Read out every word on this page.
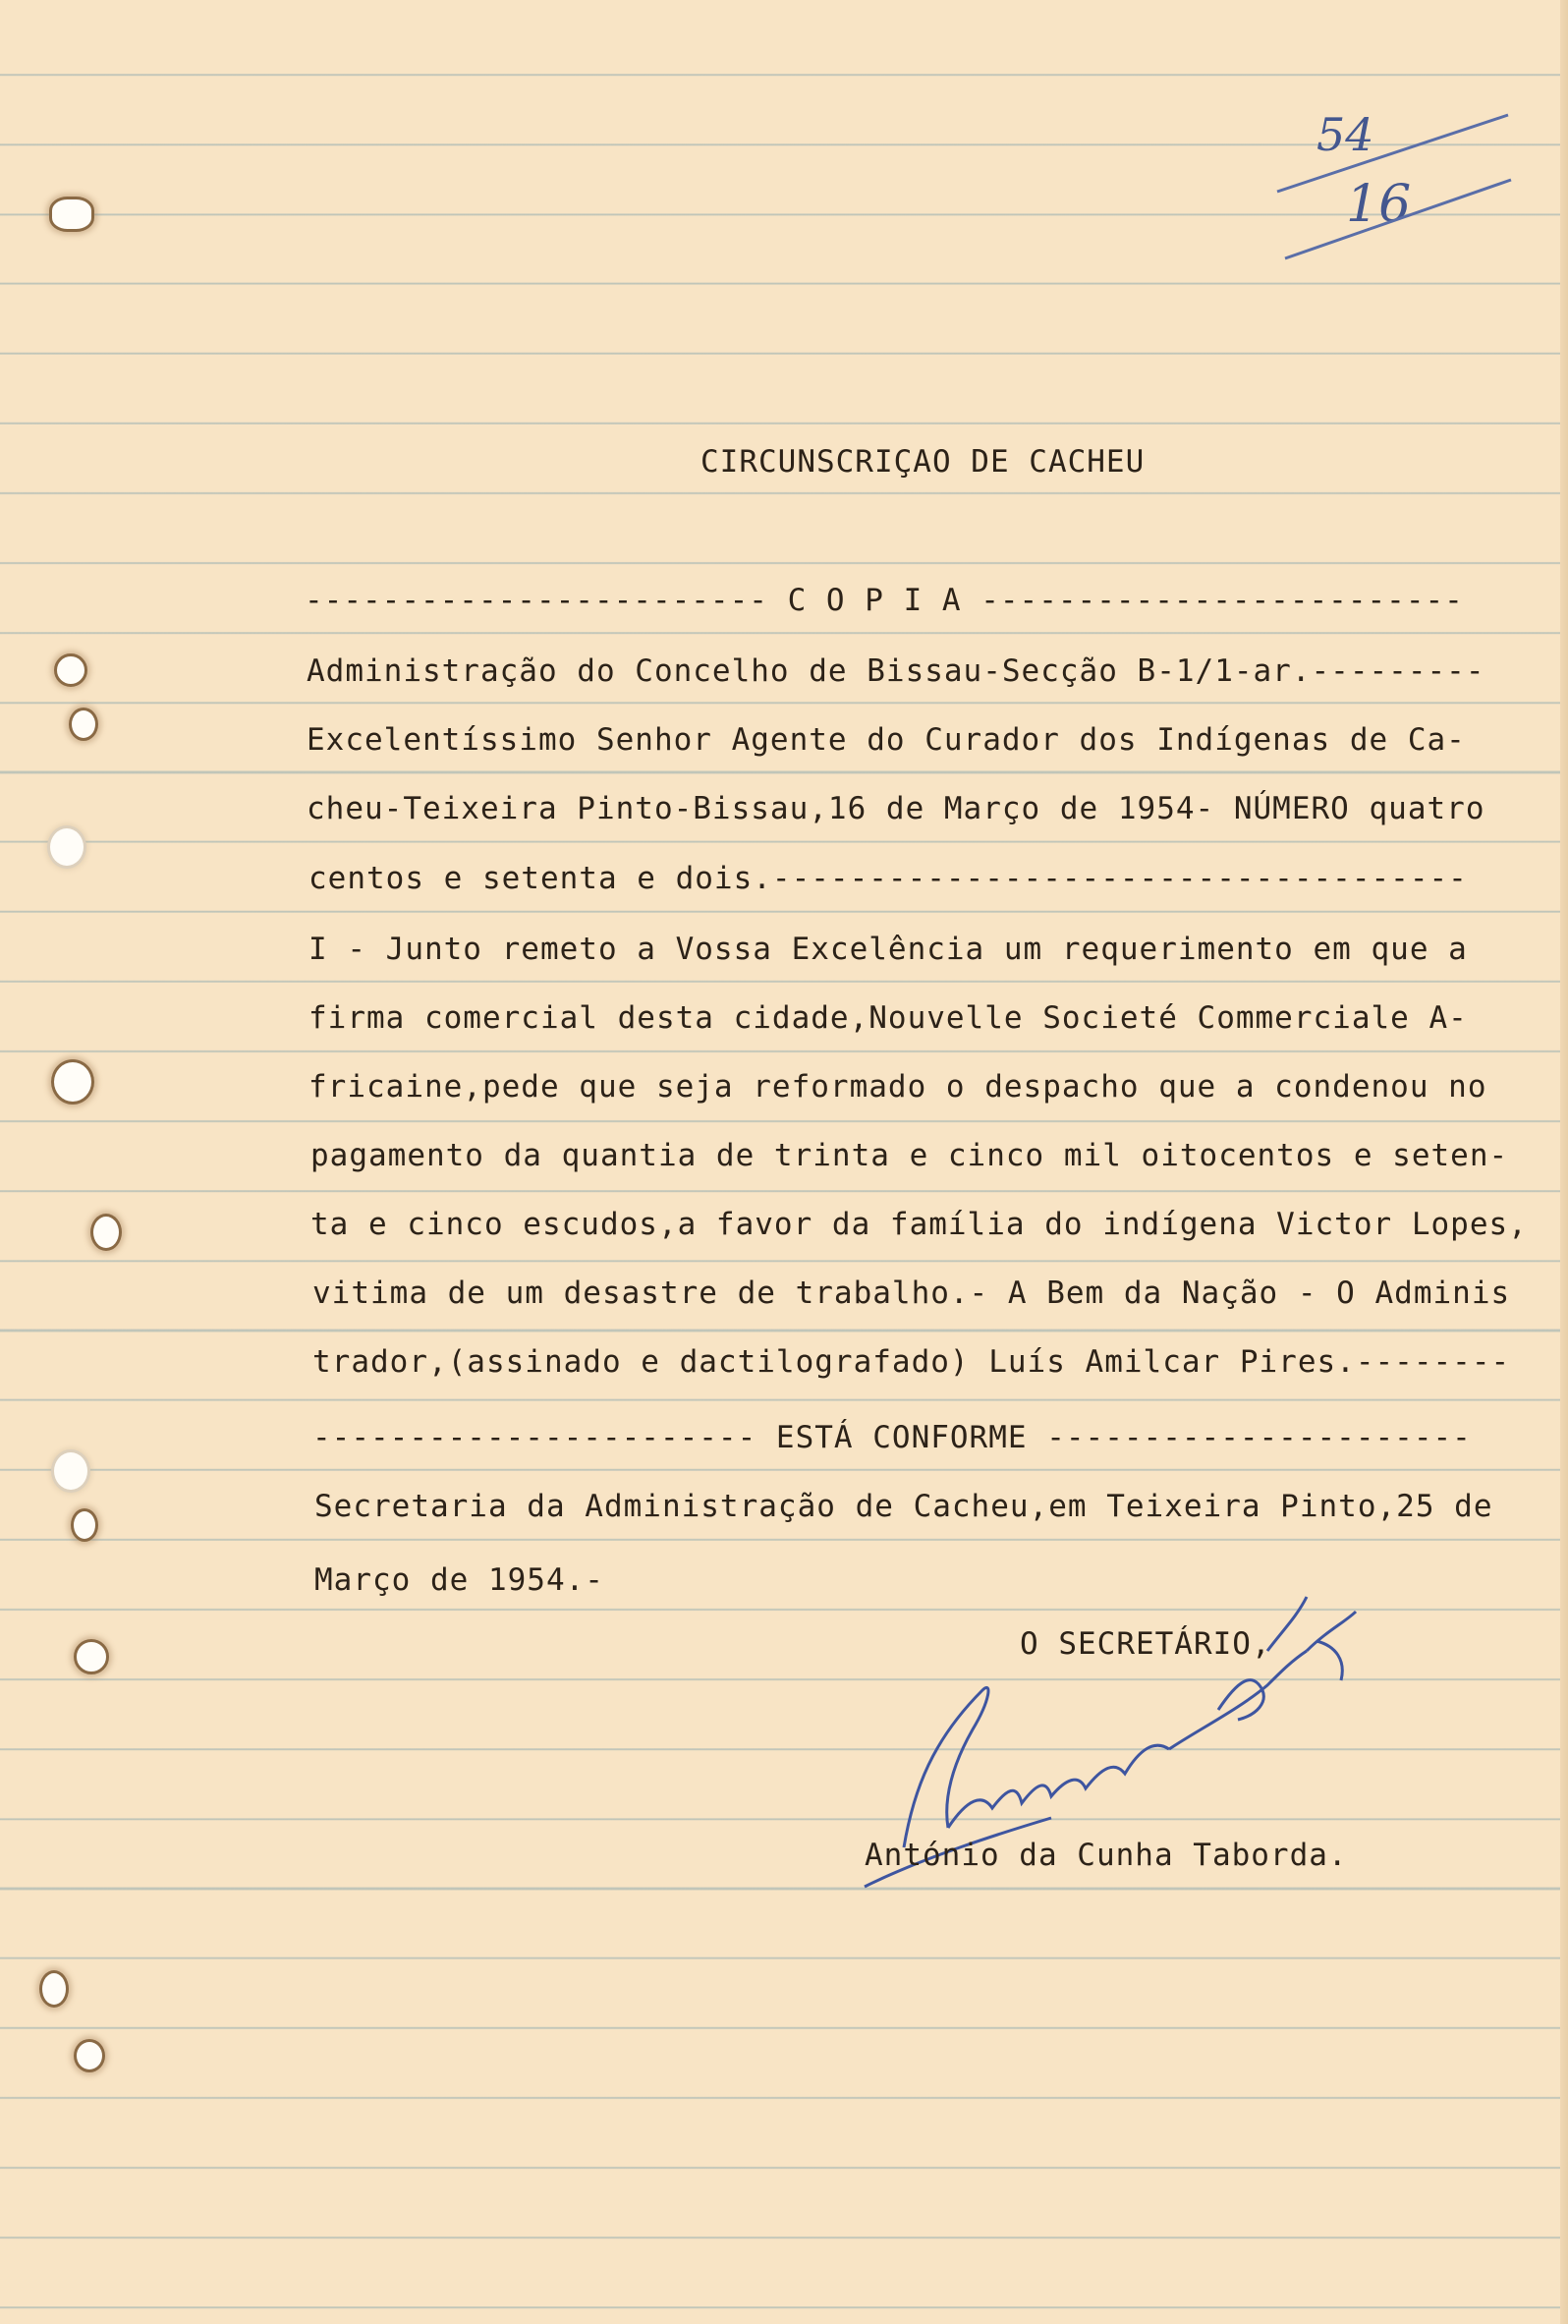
54
16
CIRCUNSCRIÇAO DE CACHEU
------------------------ C O P I A -------------------------
Administração do Concelho de Bissau-Secção B-1/1-ar.---------
Excelentíssimo Senhor Agente do Curador dos Indígenas de Ca-
cheu-Teixeira Pinto-Bissau,16 de Março de 1954- NÚMERO quatro
centos e setenta e dois.------------------------------------
I - Junto remeto a Vossa Excelência um requerimento em que a
firma comercial desta cidade,Nouvelle Societé Commerciale A-
fricaine,pede que seja reformado o despacho que a condenou no
pagamento da quantia de trinta e cinco mil oitocentos e seten-
ta e cinco escudos,a favor da família do indígena Victor Lopes,
vitima de um desastre de trabalho.- A Bem da Nação - O Adminis
trador,(assinado e dactilografado) Luís Amilcar Pires.--------
----------------------- ESTÁ CONFORME ----------------------
Secretaria da Administração de Cacheu,em Teixeira Pinto,25 de
Março de 1954.-
O SECRETÁRIO,
António da Cunha Taborda.
